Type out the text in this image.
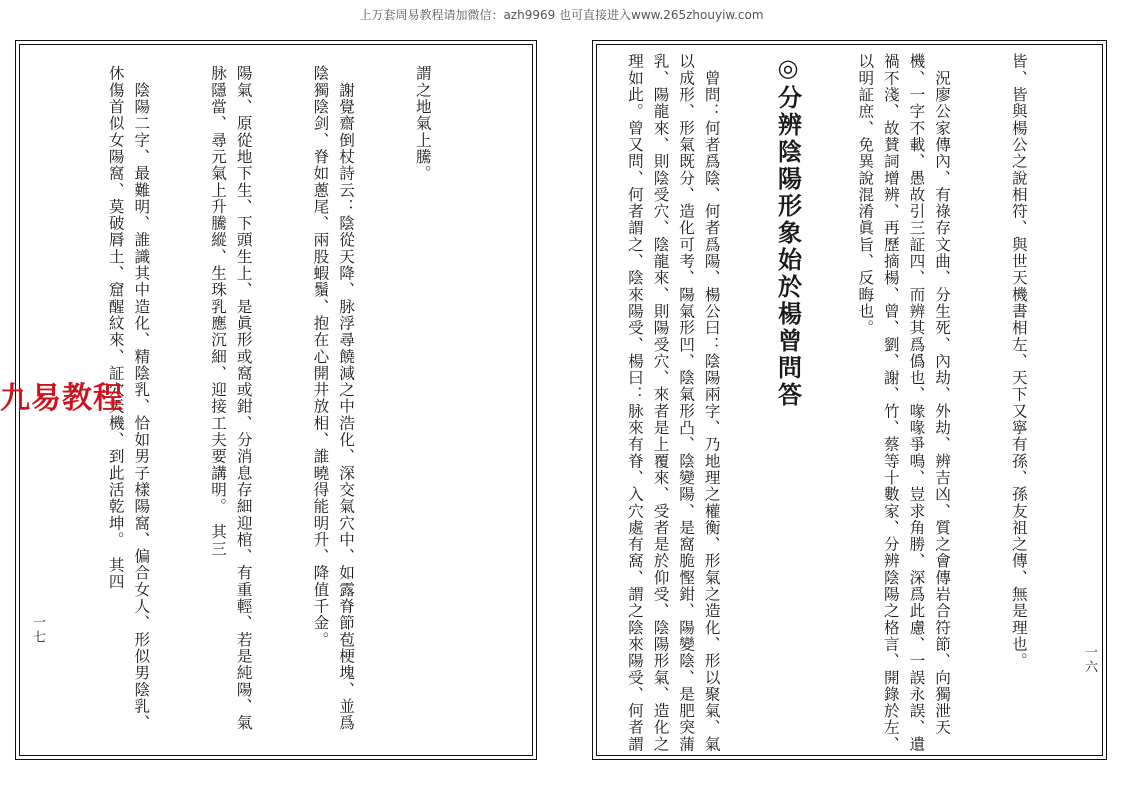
上万套周易教程请加微信：azh9969 也可直接进入www.265zhouyiw.com

謂之地氣上騰。

　謝覺齋倒杖詩云：陰從天降、脉浮尋饒減之中浩化、深交氣穴中、如露脊節苞梗塊、並爲陰獨陰剑、脊如蔥尾、兩股蝦鬚、抱在心開井放相、誰曉得能明升、降值千金。

陽氣、原從地下生、下頭生上、是眞形或窩或鉗、分消息存細迎棺、有重輕、若是純陽、氣脉隱當、尋元氣上升騰縱、生珠乳應沉細、迎接工夫要講明。　其三

　陰陽二字、最難明、誰識其中造化、精陰乳、恰如男子樣陽窩、偏合女人、形似男陰乳、休傷首似女陽窩、莫破脣土、窟醒紋來、証穴天機、到此活乾坤。　其四

一七

	皆、皆與楊公之說相符、與世天機書相左、天下又寧有孫、孫友祖之傳、無是理也。

　況廖公家傳內、有祿存文曲、分生死、內劫、外劫、辨吉凶、質之會傳岩合符節、向獨泄天機、一字不載、愚故引三証四、而辨其爲僞也、喙喙爭鳴、豈求角勝、深爲此慮、一誤永誤、遺禍不淺、故賛詞增辨、再歷摘楊、曾、劉、謝、竹、蔡等十數家、分辨陰陽之格言、開錄於左、以明証庶、免異說混淆眞旨、反晦也。

◎分辨陰陽形象始於楊曾問答

　曾問：何者爲陰、何者爲陽、楊公曰：陰陽兩字、乃地理之權衡、形氣之造化、形以聚氣、氣以成形、形氣既分、造化可考、陽氣形凹、陰氣形凸、陰變陽、是窩脆慳鉗、陽變陰、是肥突蒲乳、陽龍來、則陰受穴、陰龍來、則陽受穴、來者是上覆來、受者是於仰受、陰陽形氣、造化之理如此。曾又問、何者謂之、陰來陽受、楊曰：脉來有脊、入穴處有窩、謂之陰來陽受、何者謂

一六
九易教程
